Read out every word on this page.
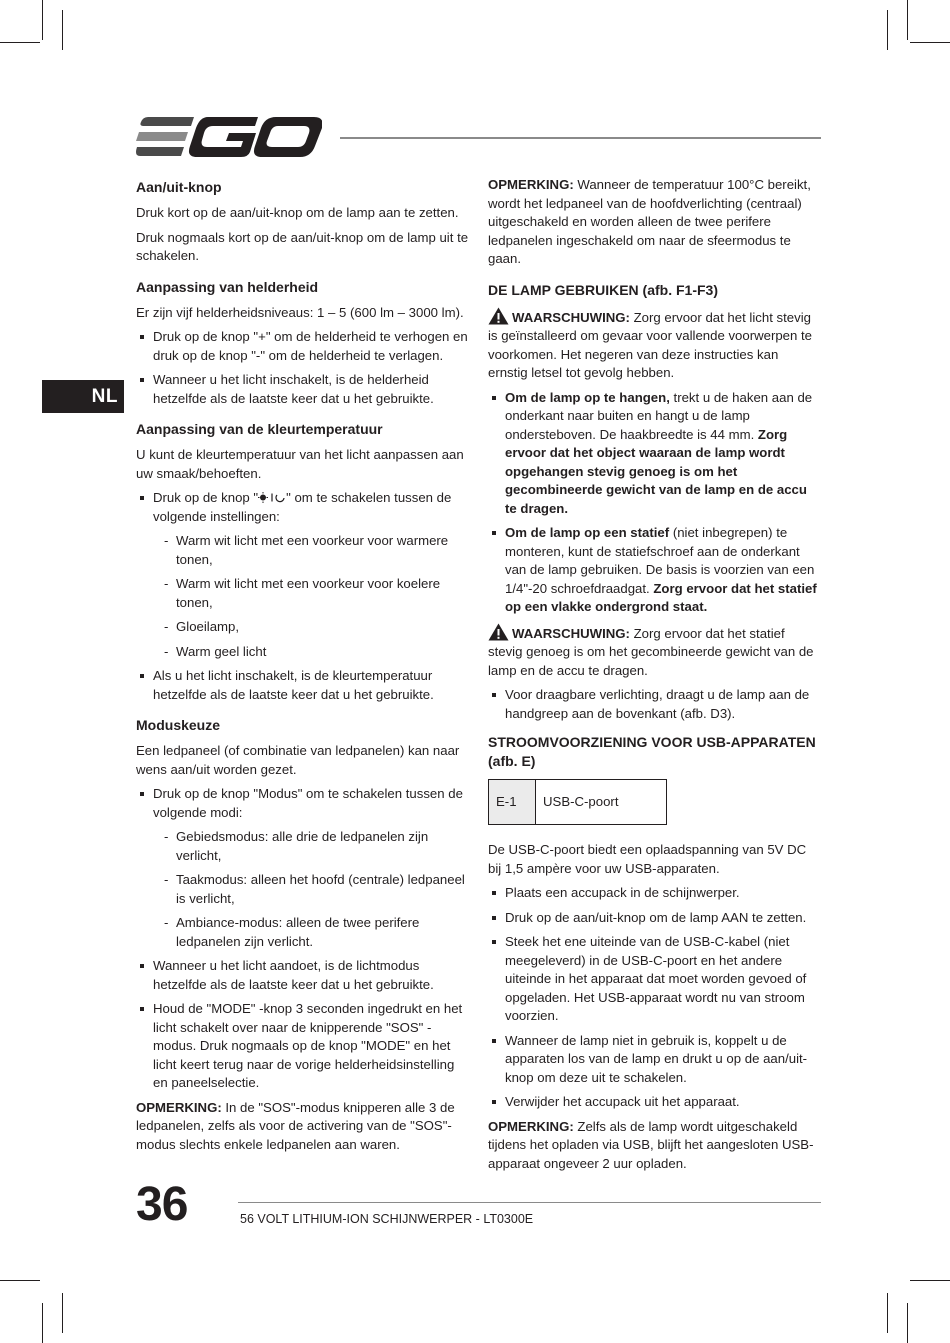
NL
Aan/uit-knop

Druk kort op de aan/uit-knop om de lamp aan te zetten.

Druk nogmaals kort op de aan/uit-knop om de lamp uit te schakelen.

Aanpassing van helderheid

Er zijn vijf helderheidsniveaus: 1 – 5 (600 lm – 3000 lm).

Druk op de knop "+" om de helderheid te verhogen en druk op de knop "-" om de helderheid te verlagen.
Wanneer u het licht inschakelt, is de helderheid hetzelfde als de laatste keer dat u het gebruikte.
Aanpassing van de kleurtemperatuur

U kunt de kleurtemperatuur van het licht aanpassen aan uw smaak/behoeften.

Druk op de knop " " om te schakelen tussen de volgende instellingen:
- Warm wit licht met een voorkeur voor warmere tonen,
- Warm wit licht met een voorkeur voor koelere tonen,
- Gloeilamp,
- Warm geel licht
Als u het licht inschakelt, is de kleurtemperatuur hetzelfde als de laatste keer dat u het gebruikte.
Moduskeuze

Een ledpaneel (of combinatie van ledpanelen) kan naar wens aan/uit worden gezet.

Druk op de knop "Modus" om te schakelen tussen de volgende modi:
- Gebiedsmodus: alle drie de ledpanelen zijn verlicht,
- Taakmodus: alleen het hoofd (centrale) ledpaneel is verlicht,
- Ambiance-modus: alleen de twee perifere ledpanelen zijn verlicht.
Wanneer u het licht aandoet, is de lichtmodus hetzelfde als de laatste keer dat u het gebruikte.
Houd de "MODE" -knop 3 seconden ingedrukt en het licht schakelt over naar de knipperende "SOS" -modus. Druk nogmaals op de knop "MODE" en het licht keert terug naar de vorige helderheidsinstelling en paneelselectie.

OPMERKING: In de "SOS"-modus knipperen alle 3 de ledpanelen, zelfs als voor de activering van de "SOS"-modus slechts enkele ledpanelen aan waren.

OPMERKING: Wanneer de temperatuur 100°C bereikt, wordt het ledpaneel van de hoofdverlichting (centraal) uitgeschakeld en worden alleen de twee perifere ledpanelen ingeschakeld om naar de sfeermodus te gaan.

DE LAMP GEBRUIKEN (afb. F1-F3)

WAARSCHUWING: Zorg ervoor dat het licht stevig is geïnstalleerd om gevaar voor vallende voorwerpen te voorkomen. Het negeren van deze instructies kan ernstig letsel tot gevolg hebben.

Om de lamp op te hangen, trekt u de haken aan de onderkant naar buiten en hangt u de lamp ondersteboven. De haakbreedte is 44 mm. Zorg ervoor dat het object waaraan de lamp wordt opgehangen stevig genoeg is om het gecombineerde gewicht van de lamp en de accu te dragen.
Om de lamp op een statief (niet inbegrepen) te monteren, kunt de statiefschroef aan de onderkant van de lamp gebruiken. De basis is voorzien van een 1/4"-20 schroefdraadgat. Zorg ervoor dat het statief op een vlakke ondergrond staat.

WAARSCHUWING: Zorg ervoor dat het statief stevig genoeg is om het gecombineerde gewicht van de lamp en de accu te dragen.

Voor draagbare verlichting, draagt u de lamp aan de handgreep aan de bovenkant (afb. D3).
STROOMVOORZIENING VOOR USB-APPARATEN (afb. E)
E-1	USB-C-poort

De USB-C-poort biedt een oplaadspanning van 5V DC bij 1,5 ampère voor uw USB-apparaten.

Plaats een accupack in de schijnwerper.
Druk op de aan/uit-knop om de lamp AAN te zetten.
Steek het ene uiteinde van de USB-C-kabel (niet meegeleverd) in de USB-C-poort en het andere uiteinde in het apparaat dat moet worden gevoed of opgeladen. Het USB-apparaat wordt nu van stroom voorzien.
Wanneer de lamp niet in gebruik is, koppelt u de apparaten los van de lamp en drukt u op de aan/uit-knop om deze uit te schakelen.
Verwijder het accupack uit het apparaat.

OPMERKING: Zelfs als de lamp wordt uitgeschakeld tijdens het opladen via USB, blijft het aangesloten USB-apparaat ongeveer 2 uur opladen.

36	56 VOLT LITHIUM-ION SCHIJNWERPER - LT0300E
